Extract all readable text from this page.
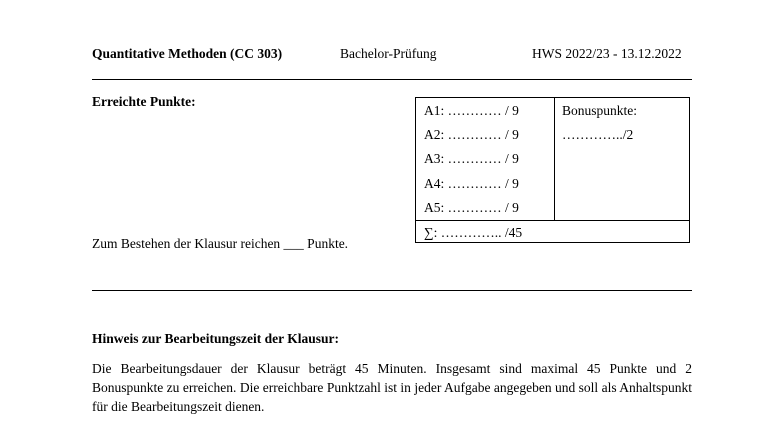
Quantitative Methoden (CC 303)	Bachelor-Prüfung	HWS 2022/23 - 13.12.2022
Erreichte Punkte:
A1: ………… / 9
A2: ………… / 9
A3: ………… / 9
A4: ………… / 9
A5: ………… / 9
Bonuspunkte:
…………../2
∑: ………….. /45
Zum Bestehen der Klausur reichen ___ Punkte.
Hinweis zur Bearbeitungszeit der Klausur:
Die Bearbeitungsdauer der Klausur beträgt 45 Minuten. Insgesamt sind maximal 45 Punkte und 2 Bonuspunkte zu erreichen. Die erreichbare Punktzahl ist in jeder Aufgabe angegeben und soll als Anhaltspunkt für die Bearbeitungszeit dienen.
